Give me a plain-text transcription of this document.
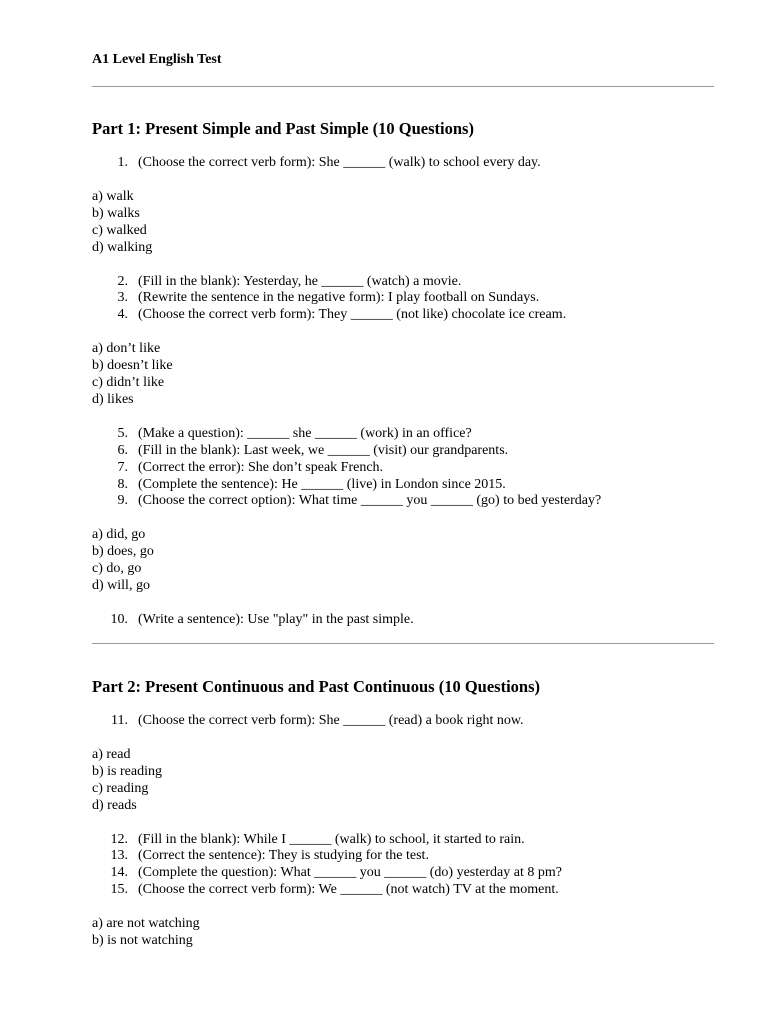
A1 Level English Test
Part 1: Present Simple and Past Simple (10 Questions)
1. (Choose the correct verb form): She ______ (walk) to school every day.
a) walk
b) walks
c) walked
d) walking
2. (Fill in the blank): Yesterday, he ______ (watch) a movie.
3. (Rewrite the sentence in the negative form): I play football on Sundays.
4. (Choose the correct verb form): They ______ (not like) chocolate ice cream.
a) don’t like
b) doesn’t like
c) didn’t like
d) likes
5. (Make a question): ______ she ______ (work) in an office?
6. (Fill in the blank): Last week, we ______ (visit) our grandparents.
7. (Correct the error): She don’t speak French.
8. (Complete the sentence): He ______ (live) in London since 2015.
9. (Choose the correct option): What time ______ you ______ (go) to bed yesterday?
a) did, go
b) does, go
c) do, go
d) will, go
10. (Write a sentence): Use "play" in the past simple.
Part 2: Present Continuous and Past Continuous (10 Questions)
11. (Choose the correct verb form): She ______ (read) a book right now.
a) read
b) is reading
c) reading
d) reads
12. (Fill in the blank): While I ______ (walk) to school, it started to rain.
13. (Correct the sentence): They is studying for the test.
14. (Complete the question): What ______ you ______ (do) yesterday at 8 pm?
15. (Choose the correct verb form): We ______ (not watch) TV at the moment.
a) are not watching
b) is not watching
